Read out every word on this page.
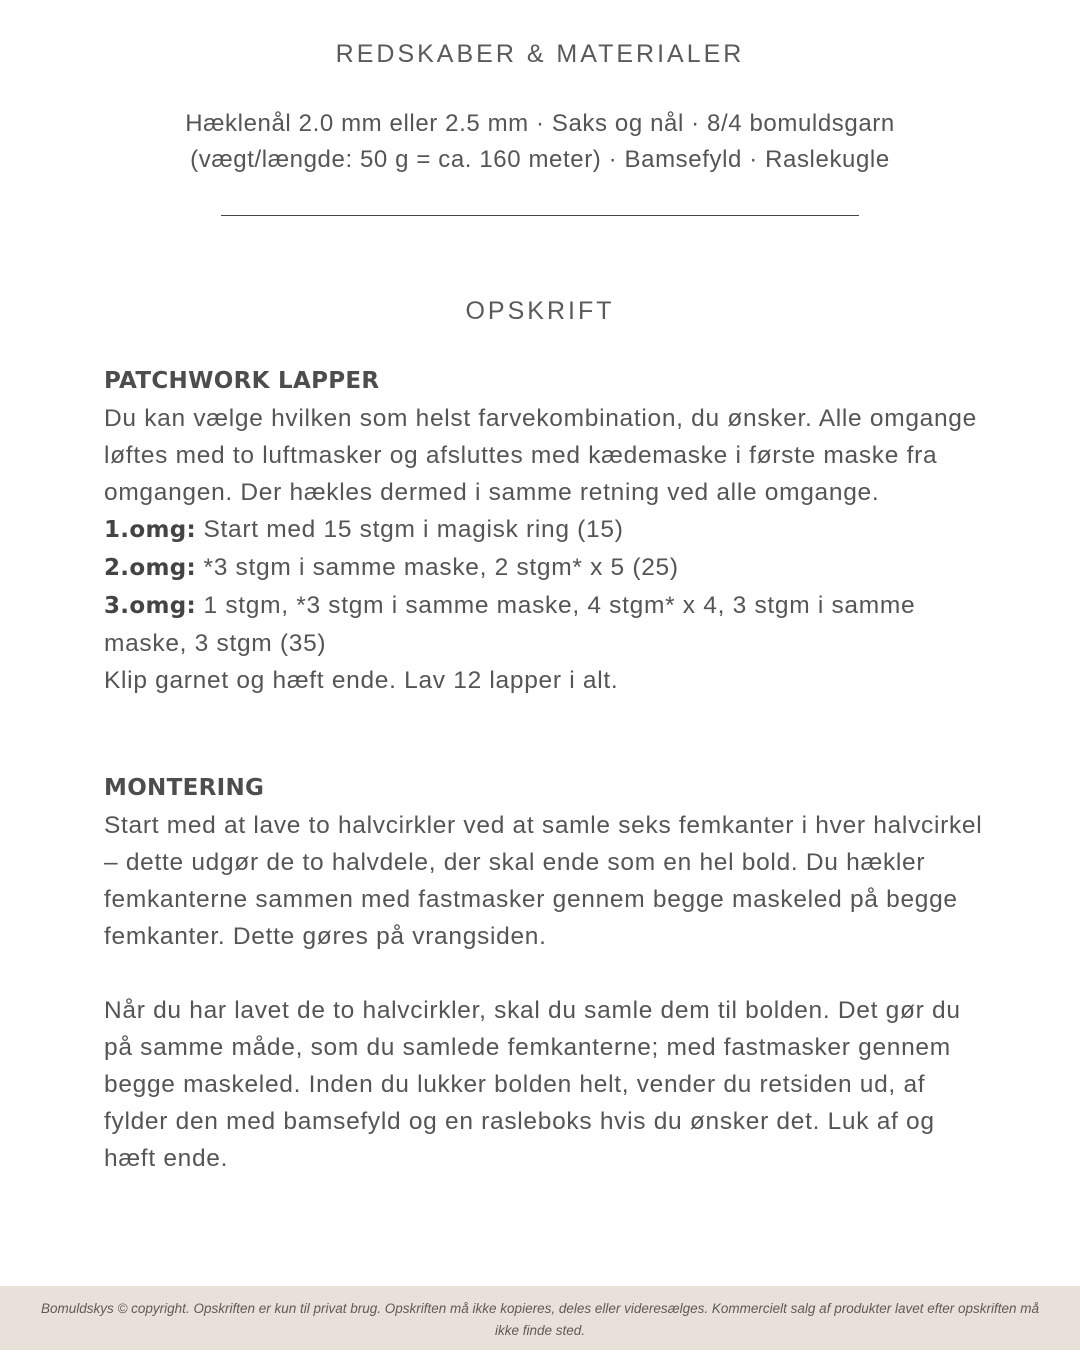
REDSKABER & MATERIALER
Hæklenål 2.0 mm eller 2.5 mm · Saks og nål · 8/4 bomuldsgarn
(vægt/længde: 50 g = ca. 160 meter) · Bamsefyld · Raslekugle
OPSKRIFT

PATCHWORK LAPPER

Du kan vælge hvilken som helst farvekombination, du ønsker. Alle omgange løftes med to luftmasker og afsluttes med kædemaske i første maske fra omgangen. Der hækles dermed i samme retning ved alle omgange.

1.omg: Start med 15 stgm i magisk ring (15)

2.omg: *3 stgm i samme maske, 2 stgm* x 5 (25)

3.omg: 1 stgm, *3 stgm i samme maske, 4 stgm* x 4, 3 stgm i samme maske, 3 stgm (35)

Klip garnet og hæft ende. Lav 12 lapper i alt.

MONTERING

Start med at lave to halvcirkler ved at samle seks femkanter i hver halvcirkel – dette udgør de to halvdele, der skal ende som en hel bold. Du hækler femkanterne sammen med fastmasker gennem begge maskeled på begge femkanter. Dette gøres på vrangsiden.

Når du har lavet de to halvcirkler, skal du samle dem til bolden. Det gør du på samme måde, som du samlede femkanterne; med fastmasker gennem begge maskeled. Inden du lukker bolden helt, vender du retsiden ud, af fylder den med bamsefyld og en rasleboks hvis du ønsker det. Luk af og hæft ende.

Bomuldskys © copyright. Opskriften er kun til privat brug. Opskriften må ikke kopieres, deles eller videresælges. Kommercielt salg af produkter lavet efter opskriften må ikke finde sted.
